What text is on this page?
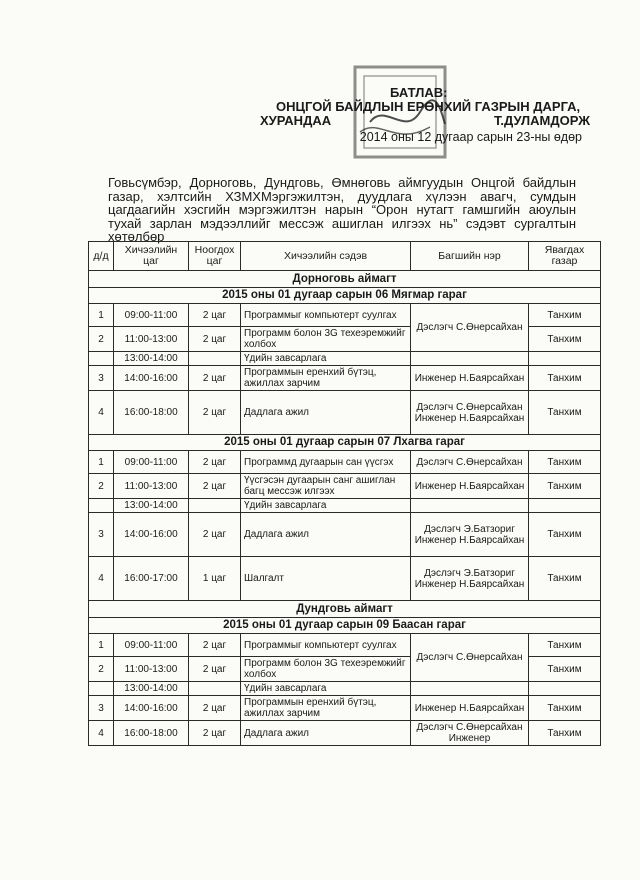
БАТЛАВ:
ОНЦГОЙ БАЙДЛЫН ЕРӨНХИЙ ГАЗРЫН ДАРГА,
ХУРАНДАА	Т.ДУЛАМДОРЖ
2014 оны 12 дугаар сарын 23-ны өдөр
Говьсүмбэр, Дорноговь, Дундговь, Өмнөговь аймгуудын Онцгой байдлын газар, хэлтсийн ХЗМХМэргэжилтэн, дуудлага хүлээн авагч, сумдын цагдаагийн хэсгийн мэргэжилтэн нарын “Орон нутагт гамшгийн аюулын тухай зарлан мэдээллийг мессэж ашиглан илгээх нь” сэдэвт сургалтын хөтөлбөр
д/д	Хичээлийн цаг	Ноогдох цаг	Хичээлийн сэдэв	Багшийн нэр	Явагдах газар
Дорноговь аймагт					
2015 оны 01 дугаар сарын 06 Мягмар гараг					
1	09:00-11:00	2 цаг	Программыг компьютерт суулгах	Дэслэгч С.Өнерсайхан	Танхим
2	11:00-13:00	2 цаг	Программ болон 3G техеэремжийг холбох		Танхим
	13:00-14:00		Үдийн завсарлага		
3	14:00-16:00	2 цаг	Программын еренхий бүтэц, ажиллах зарчим	Инженер Н.Баярсайхан	Танхим
4	16:00-18:00	2 цаг	Дадлага ажил	Дэслэгч С.Өнерсайхан Инженер Н.Баярсайхан	Танхим
2015 оны 01 дугаар сарын 07 Лхагва гараг					
1	09:00-11:00	2 цаг	Программд дугаарын сан үүсгэх	Дэслэгч С.Өнерсайхан	Танхим
2	11:00-13:00	2 цаг	Үүсгэсэн дугаарын санг ашиглан багц мессэж илгээх	Инженер Н.Баярсайхан	Танхим
	13:00-14:00		Үдийн завсарлага		
3	14:00-16:00	2 цаг	Дадлага ажил	Дэслэгч Э.Батзориг Инженер Н.Баярсайхан	Танхим
4	16:00-17:00	1 цаг	Шалгалт	Дэслэгч Э.Батзориг Инженер Н.Баярсайхан	Танхим
Дундговь аймагт					
2015 оны 01 дугаар сарын 09 Баасан гараг					
1	09:00-11:00	2 цаг	Программыг компьютерт суулгах	Дэслэгч С.Өнерсайхан	Танхим
2	11:00-13:00	2 цаг	Программ болон 3G техеэремжийг холбох		Танхим
	13:00-14:00		Үдийн завсарлага		
3	14:00-16:00	2 цаг	Программын еренхий бүтэц, ажиллах зарчим	Инженер Н.Баярсайхан	Танхим
4	16:00-18:00	2 цаг	Дадлага ажил	Дэслэгч С.Өнерсайхан Инженер	Танхим
